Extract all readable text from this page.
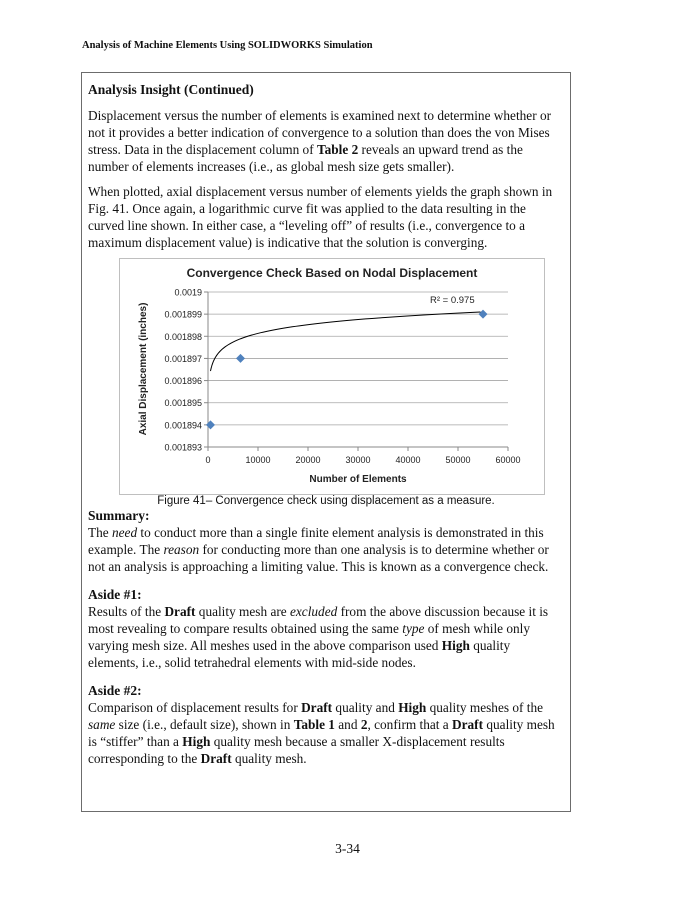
Analysis of Machine Elements Using SOLIDWORKS Simulation
Analysis Insight (Continued)

Displacement versus the number of elements is examined next to determine whether or not it provides a better indication of convergence to a solution than does the von Mises stress. Data in the displacement column of Table 2 reveals an upward trend as the number of elements increases (i.e., as global mesh size gets smaller).

When plotted, axial displacement versus number of elements yields the graph shown in Fig. 41. Once again, a logarithmic curve fit was applied to the data resulting in the curved line shown. In either case, a “leveling off” of results (i.e., convergence to a maximum displacement value) is indicative that the solution is converging.

Convergence Check Based on Nodal Displacement
0.001893
0.001894
0.001895
0.001896
0.001897
0.001898
0.001899
0.0019
0	10000	20000	30000	40000	50000	60000
R² = 0.975
Number of Elements
Axial Displacement (inches)

Figure 41– Convergence check using displacement as a measure.

Summary:

The need to conduct more than a single finite element analysis is demonstrated in this example. The reason for conducting more than one analysis is to determine whether or not an analysis is approaching a limiting value. This is known as a convergence check.

Aside #1:

Results of the Draft quality mesh are excluded from the above discussion because it is most revealing to compare results obtained using the same type of mesh while only varying mesh size. All meshes used in the above comparison used High quality elements, i.e., solid tetrahedral elements with mid-side nodes.

Aside #2:

Comparison of displacement results for Draft quality and High quality meshes of the same size (i.e., default size), shown in Table 1 and 2, confirm that a Draft quality mesh is “stiffer” than a High quality mesh because a smaller X-displacement results corresponding to the Draft quality mesh.

3-34
